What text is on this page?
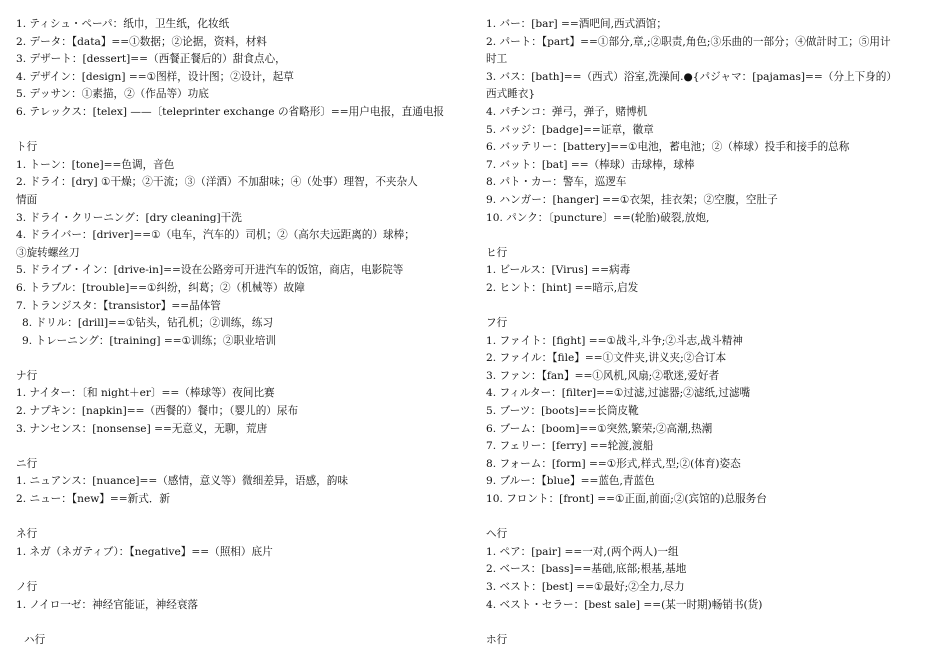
1. ティシュ・ペーパ：纸巾，卫生纸，化妆纸
2. データ：【data】==①数据；②论据，资料，材料
3. デザート：[dessert]==（西餐正餐后的）甜食点心，
4. デザイン：[design] ==①图样，设计图；②设计，起草
5. デッサン：①素描，②（作品等）功底
6. テレックス：[telex] ——〔teleprinter exchange の省略形〕==用户电报，直通电报
ト行
1. トーン：[tone]==色调，音色
2. ドライ：[dry] ①干燥；②干流；③（洋酒）不加甜味；④（处事）理智，不夹杂人
情面
3. ドライ・クリーニング：[dry cleaning]干洗
4. ドライバー：[driver]==①（电车，汽车的）司机；②（高尔夫远距离的）球棒；
③旋转螺丝刀
5. ドライブ・イン：[drive-in]==设在公路旁可开进汽车的饭馆，商店，电影院等
6. トラブル：[trouble]==①纠纷，纠葛；②（机械等）故障
7. トランジスタ：【transistor】==晶体管
8. ドリル：[drill]==①钻头，钻孔机；②训练，练习
9. トレーニング：[training] ==①训练；②职业培训
ナ行
1. ナイター：〔和 night＋er〕==（棒球等）夜间比赛
2. ナプキン：[napkin]==（西餐的）餐巾；（婴儿的）尿布
3. ナンセンス：[nonsense] ==无意义，无聊，荒唐
ニ行
1. ニュアンス：[nuance]==（感情，意义等）微细差异，语感，韵味
2. ニュー：【new】==新式．新
ネ行
1. ネガ（ネガティブ）：【negative】==（照相）底片
ノ行
1. ノイロ一ゼ：神经官能证，神经衰落
ハ行
1. バー：[bar] ==酒吧间,西式酒馆；
2. パート：【part】==①部分,章,;②职责,角色;③乐曲的一部分；④做計时工；⑤用计
时工
3. バス：[bath]==（西式）浴室,洗澡间.●{パジャマ：[pajamas]==（分上下身的）
西式睡衣}
4. パチンコ：弹弓，弹子，赌博机
5. バッジ：[badge]==证章，徽章
6. バッテリー：[battery]==①电池，蓄电池；②（棒球）投手和接手的总称
7. バット：[bat] ==（棒球）击球棒，球棒
8. パト・カー：警车，巡逻车
9. ハンガー：[hanger] ==①衣架，挂衣架；②空腹，空肚子
10. パンク：〔puncture〕==(轮胎)破裂,放炮,
ヒ行
1. ビールス：[Virus] ==病毒
2. ヒント：[hint] ==暗示,启发
フ行
1. ファイト：[fight] ==①战斗,斗争;②斗志,战斗精神
2. ファイル：【file】==①文件夹,讲义夹;②合订本
3. ファン：【fan】==①风机,风扇;②歌迷,爱好者
4. フィルター：[filter]==①过滤,过滤器;②滤纸,过滤嘴
5. ブーツ：[boots]==长筒皮靴
6. ブーム：[boom]==①突然,繁荣;②高潮,热潮
7. フェリー：[ferry] ==轮渡,渡船
8. フォーム：[form] ==①形式,样式,型;②(体育)姿态
9. ブルー：【blue】==蓝色,青蓝色
10. フロント：[front] ==①正面,前面;②(宾馆的)总服务台
ヘ行
1. ペア：[pair] ==一对,(两个两人)一组
2. ベース：[bass]==基础,底部;根基,基地
3. ベスト：[best] ==①最好;②全力,尽力
4. ベスト・セラー：[best sale] ==(某一时期)畅销书(货)
ホ行
